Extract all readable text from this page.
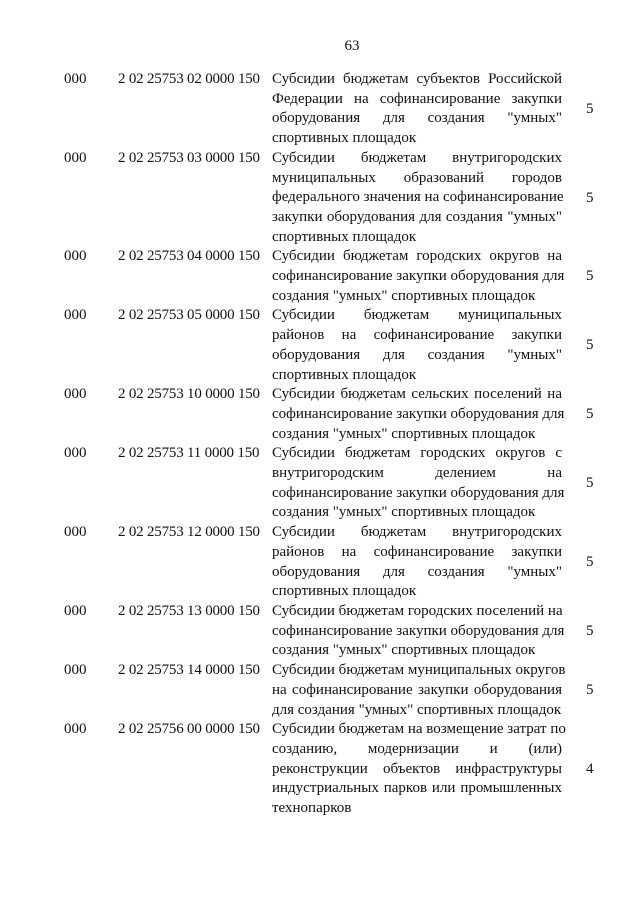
63
000 2 02 25753 02 0000 150 Субсидии бюджетам субъектов Российской
Федерации на софинансирование закупки
оборудования для создания "умных"
спортивных площадок
5
000 2 02 25753 03 0000 150 Субсидии бюджетам внутригородских
муниципальных образований городов
федерального значения на софинансирование
закупки оборудования для создания "умных"
спортивных площадок
5
000 2 02 25753 04 0000 150 Субсидии бюджетам городских округов на
софинансирование закупки оборудования для
создания "умных" спортивных площадок
5
000 2 02 25753 05 0000 150 Субсидии бюджетам муниципальных
районов на софинансирование закупки
оборудования для создания "умных"
спортивных площадок
5
000 2 02 25753 10 0000 150 Субсидии бюджетам сельских поселений на
софинансирование закупки оборудования для
создания "умных" спортивных площадок
5
000 2 02 25753 11 0000 150 Субсидии бюджетам городских округов с
внутригородским делением на
софинансирование закупки оборудования для
создания "умных" спортивных площадок
5
000 2 02 25753 12 0000 150 Субсидии бюджетам внутригородских
районов на софинансирование закупки
оборудования для создания "умных"
спортивных площадок
5
000 2 02 25753 13 0000 150 Субсидии бюджетам городских поселений на
софинансирование закупки оборудования для
создания "умных" спортивных площадок
5
000 2 02 25753 14 0000 150 Субсидии бюджетам муниципальных округов
на софинансирование закупки оборудования
для создания "умных" спортивных площадок
5
000 2 02 25756 00 0000 150 Субсидии бюджетам на возмещение затрат по
созданию, модернизации и (или)
реконструкции объектов инфраструктуры
индустриальных парков или промышленных
технопарков
4
